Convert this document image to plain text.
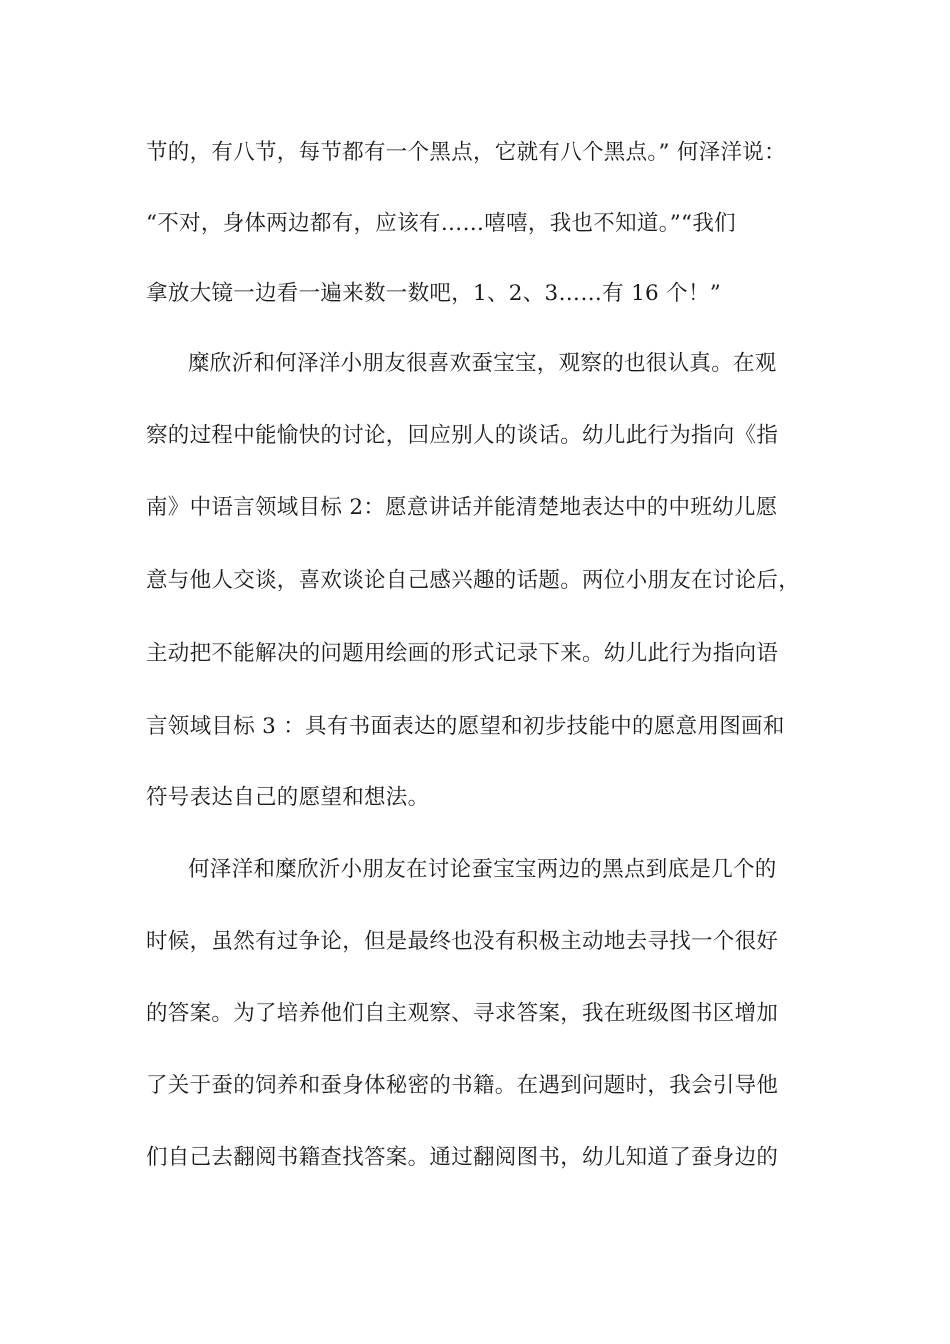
节的，有八节，每节都有一个黑点，它就有八个黑点。” 何泽洋说：
“不对，身体两边都有，应该有……嘻嘻，我也不知道。”“我们
拿放大镜一边看一遍来数一数吧，1、2、3……有 16 个！”
糜欣沂和何泽洋小朋友很喜欢蚕宝宝，观察的也很认真。在观
察的过程中能愉快的讨论，回应别人的谈话。幼儿此行为指向《指
南》中语言领域目标 2：愿意讲话并能清楚地表达中的中班幼儿愿
意与他人交谈，喜欢谈论自己感兴趣的话题。两位小朋友在讨论后，
主动把不能解决的问题用绘画的形式记录下来。幼儿此行为指向语
言领域目标 3 ：具有书面表达的愿望和初步技能中的愿意用图画和
符号表达自己的愿望和想法。
何泽洋和糜欣沂小朋友在讨论蚕宝宝两边的黑点到底是几个的
时候，虽然有过争论，但是最终也没有积极主动地去寻找一个很好
的答案。为了培养他们自主观察、寻求答案，我在班级图书区增加
了关于蚕的饲养和蚕身体秘密的书籍。在遇到问题时，我会引导他
们自己去翻阅书籍查找答案。通过翻阅图书，幼儿知道了蚕身边的
